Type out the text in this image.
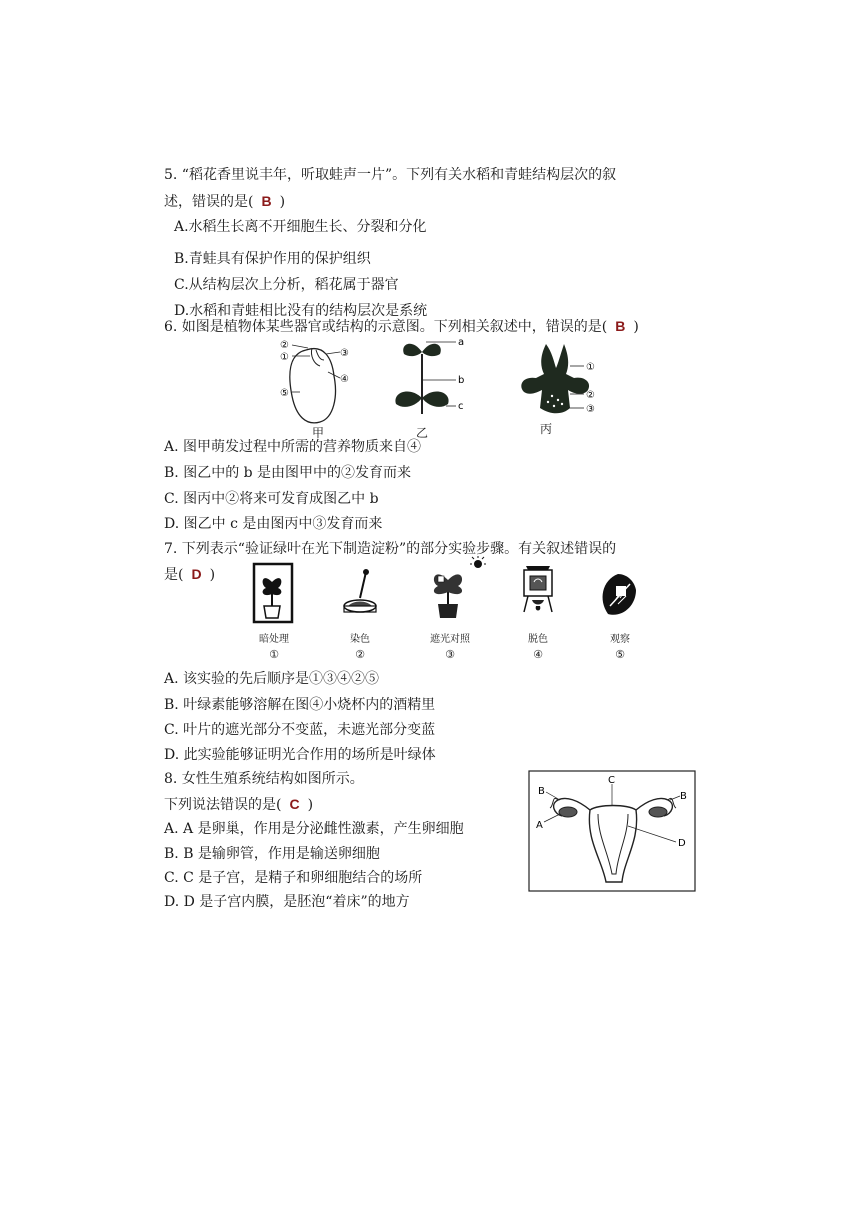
5. “稻花香里说丰年，听取蛙声一片”。下列有关水稻和青蛙结构层次的叙
述，错误的是( B )
A.水稻生长离不开细胞生长、分裂和分化
B.青蛙具有保护作用的保护组织
C.从结构层次上分析，稻花属于器官
D.水稻和青蛙相比没有的结构层次是系统
6. 如图是植物体某些器官或结构的示意图。下列相关叙述中，错误的是( B )
②
①	③
④
⑤
甲
a
b
c
乙
①
②
③
丙
A. 图甲萌发过程中所需的营养物质来自④
B. 图乙中的 b 是由图甲中的②发育而来
C. 图丙中②将来可发育成图乙中 b
D. 图乙中 c 是由图丙中③发育而来
7. 下列表示“验证绿叶在光下制造淀粉”的部分实验步骤。有关叙述错误的
是( D )
暗处理
①
染色
②
遮光对照
③
脱色
④
观察
⑤
A. 该实验的先后顺序是①③④②⑤
B. 叶绿素能够溶解在图④小烧杯内的酒精里
C. 叶片的遮光部分不变蓝，未遮光部分变蓝
D. 此实验能够证明光合作用的场所是叶绿体
8. 女性生殖系统结构如图所示。
下列说法错误的是( C )
A. A 是卵巢，作用是分泌雌性激素，产生卵细胞
B. B 是输卵管，作用是输送卵细胞
C. C 是子宫，是精子和卵细胞结合的场所
D. D 是子宫内膜，是胚泡“着床”的地方
B
C
B
A
D
